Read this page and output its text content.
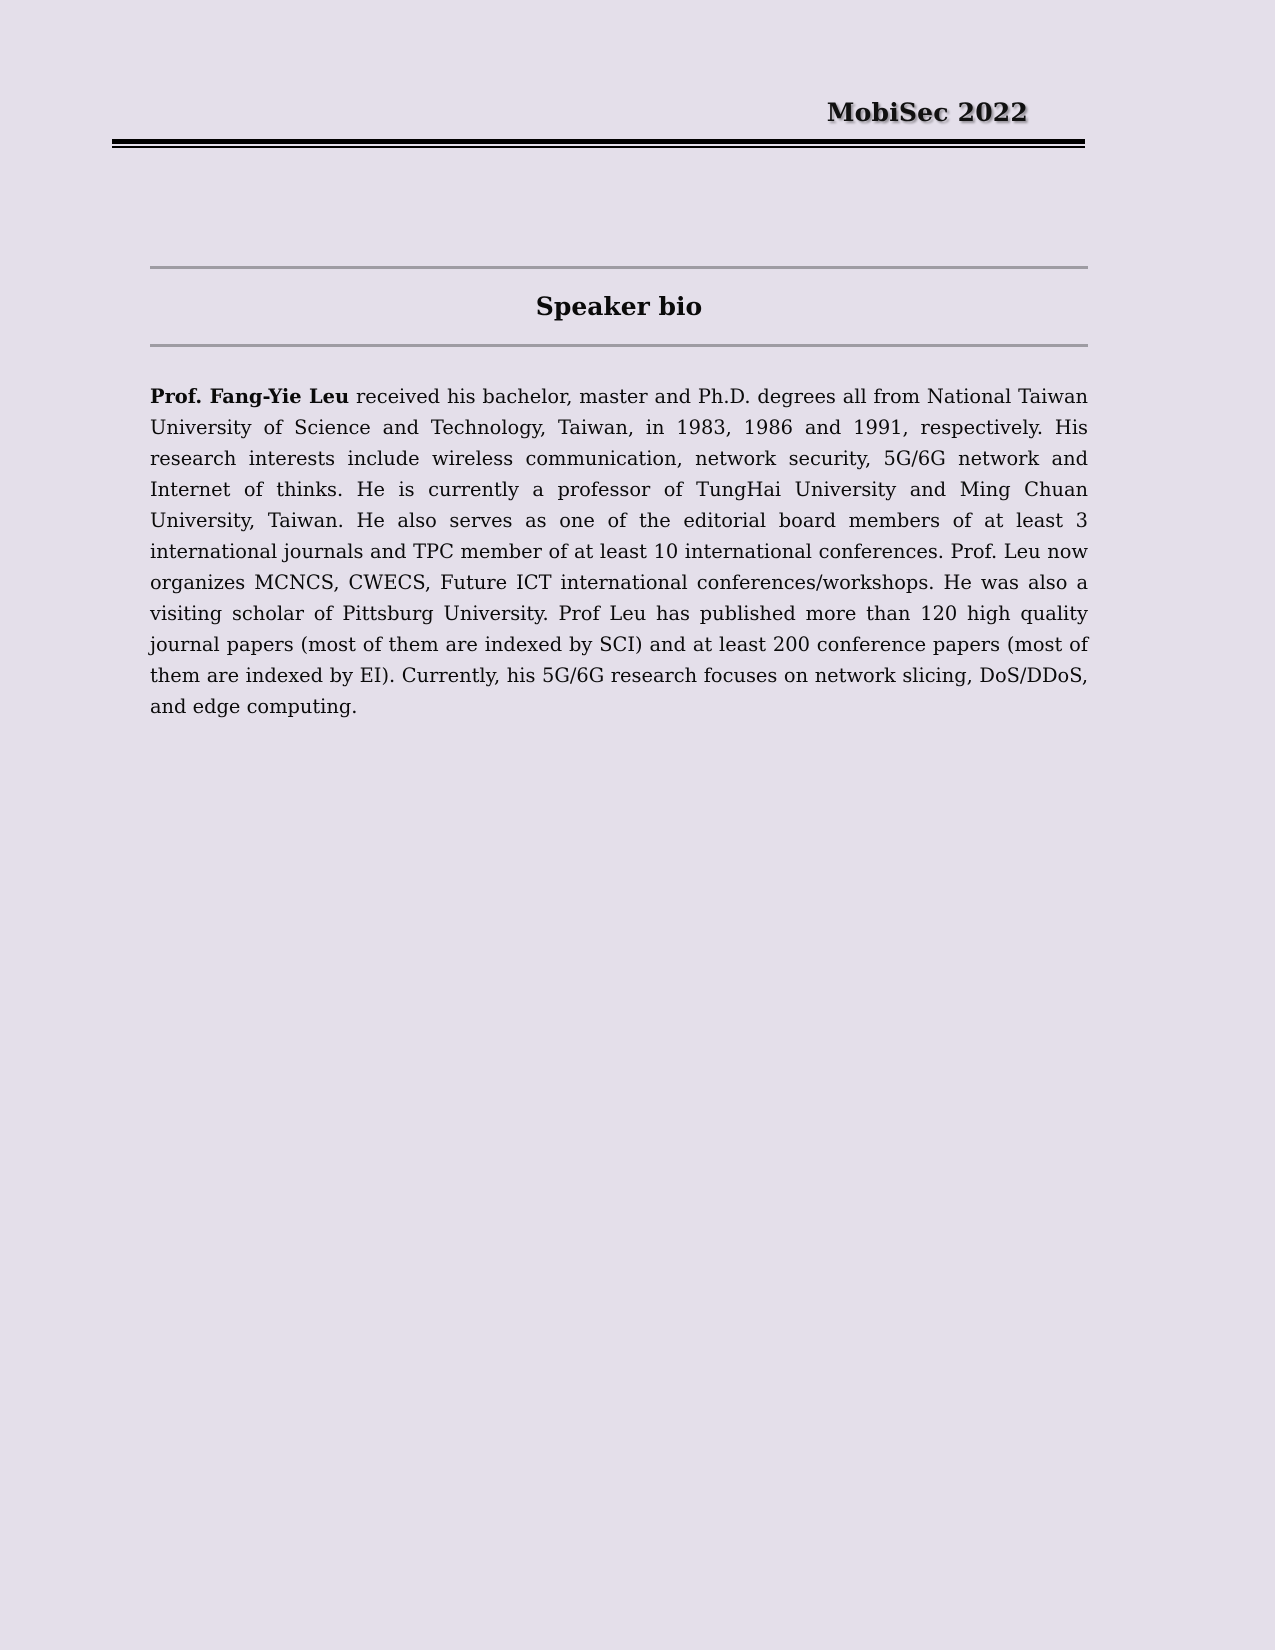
MobiSec 2022
Speaker bio

Prof. Fang-Yie Leu received his bachelor, master and Ph.D. degrees all from National Taiwan University of Science and Technology, Taiwan, in 1983, 1986 and 1991, respectively. His research interests include wireless communication, network security, 5G/6G network and Internet of thinks. He is currently a professor of TungHai University and Ming Chuan University, Taiwan. He also serves as one of the editorial board members of at least 3 international journals and TPC member of at least 10 international conferences. Prof. Leu now organizes MCNCS, CWECS, Future ICT international conferences/workshops. He was also a visiting scholar of Pittsburg University. Prof Leu has published more than 120 high quality journal papers (most of them are indexed by SCI) and at least 200 conference papers (most of them are indexed by EI). Currently, his 5G/6G research focuses on network slicing, DoS/DDoS, and edge computing.
